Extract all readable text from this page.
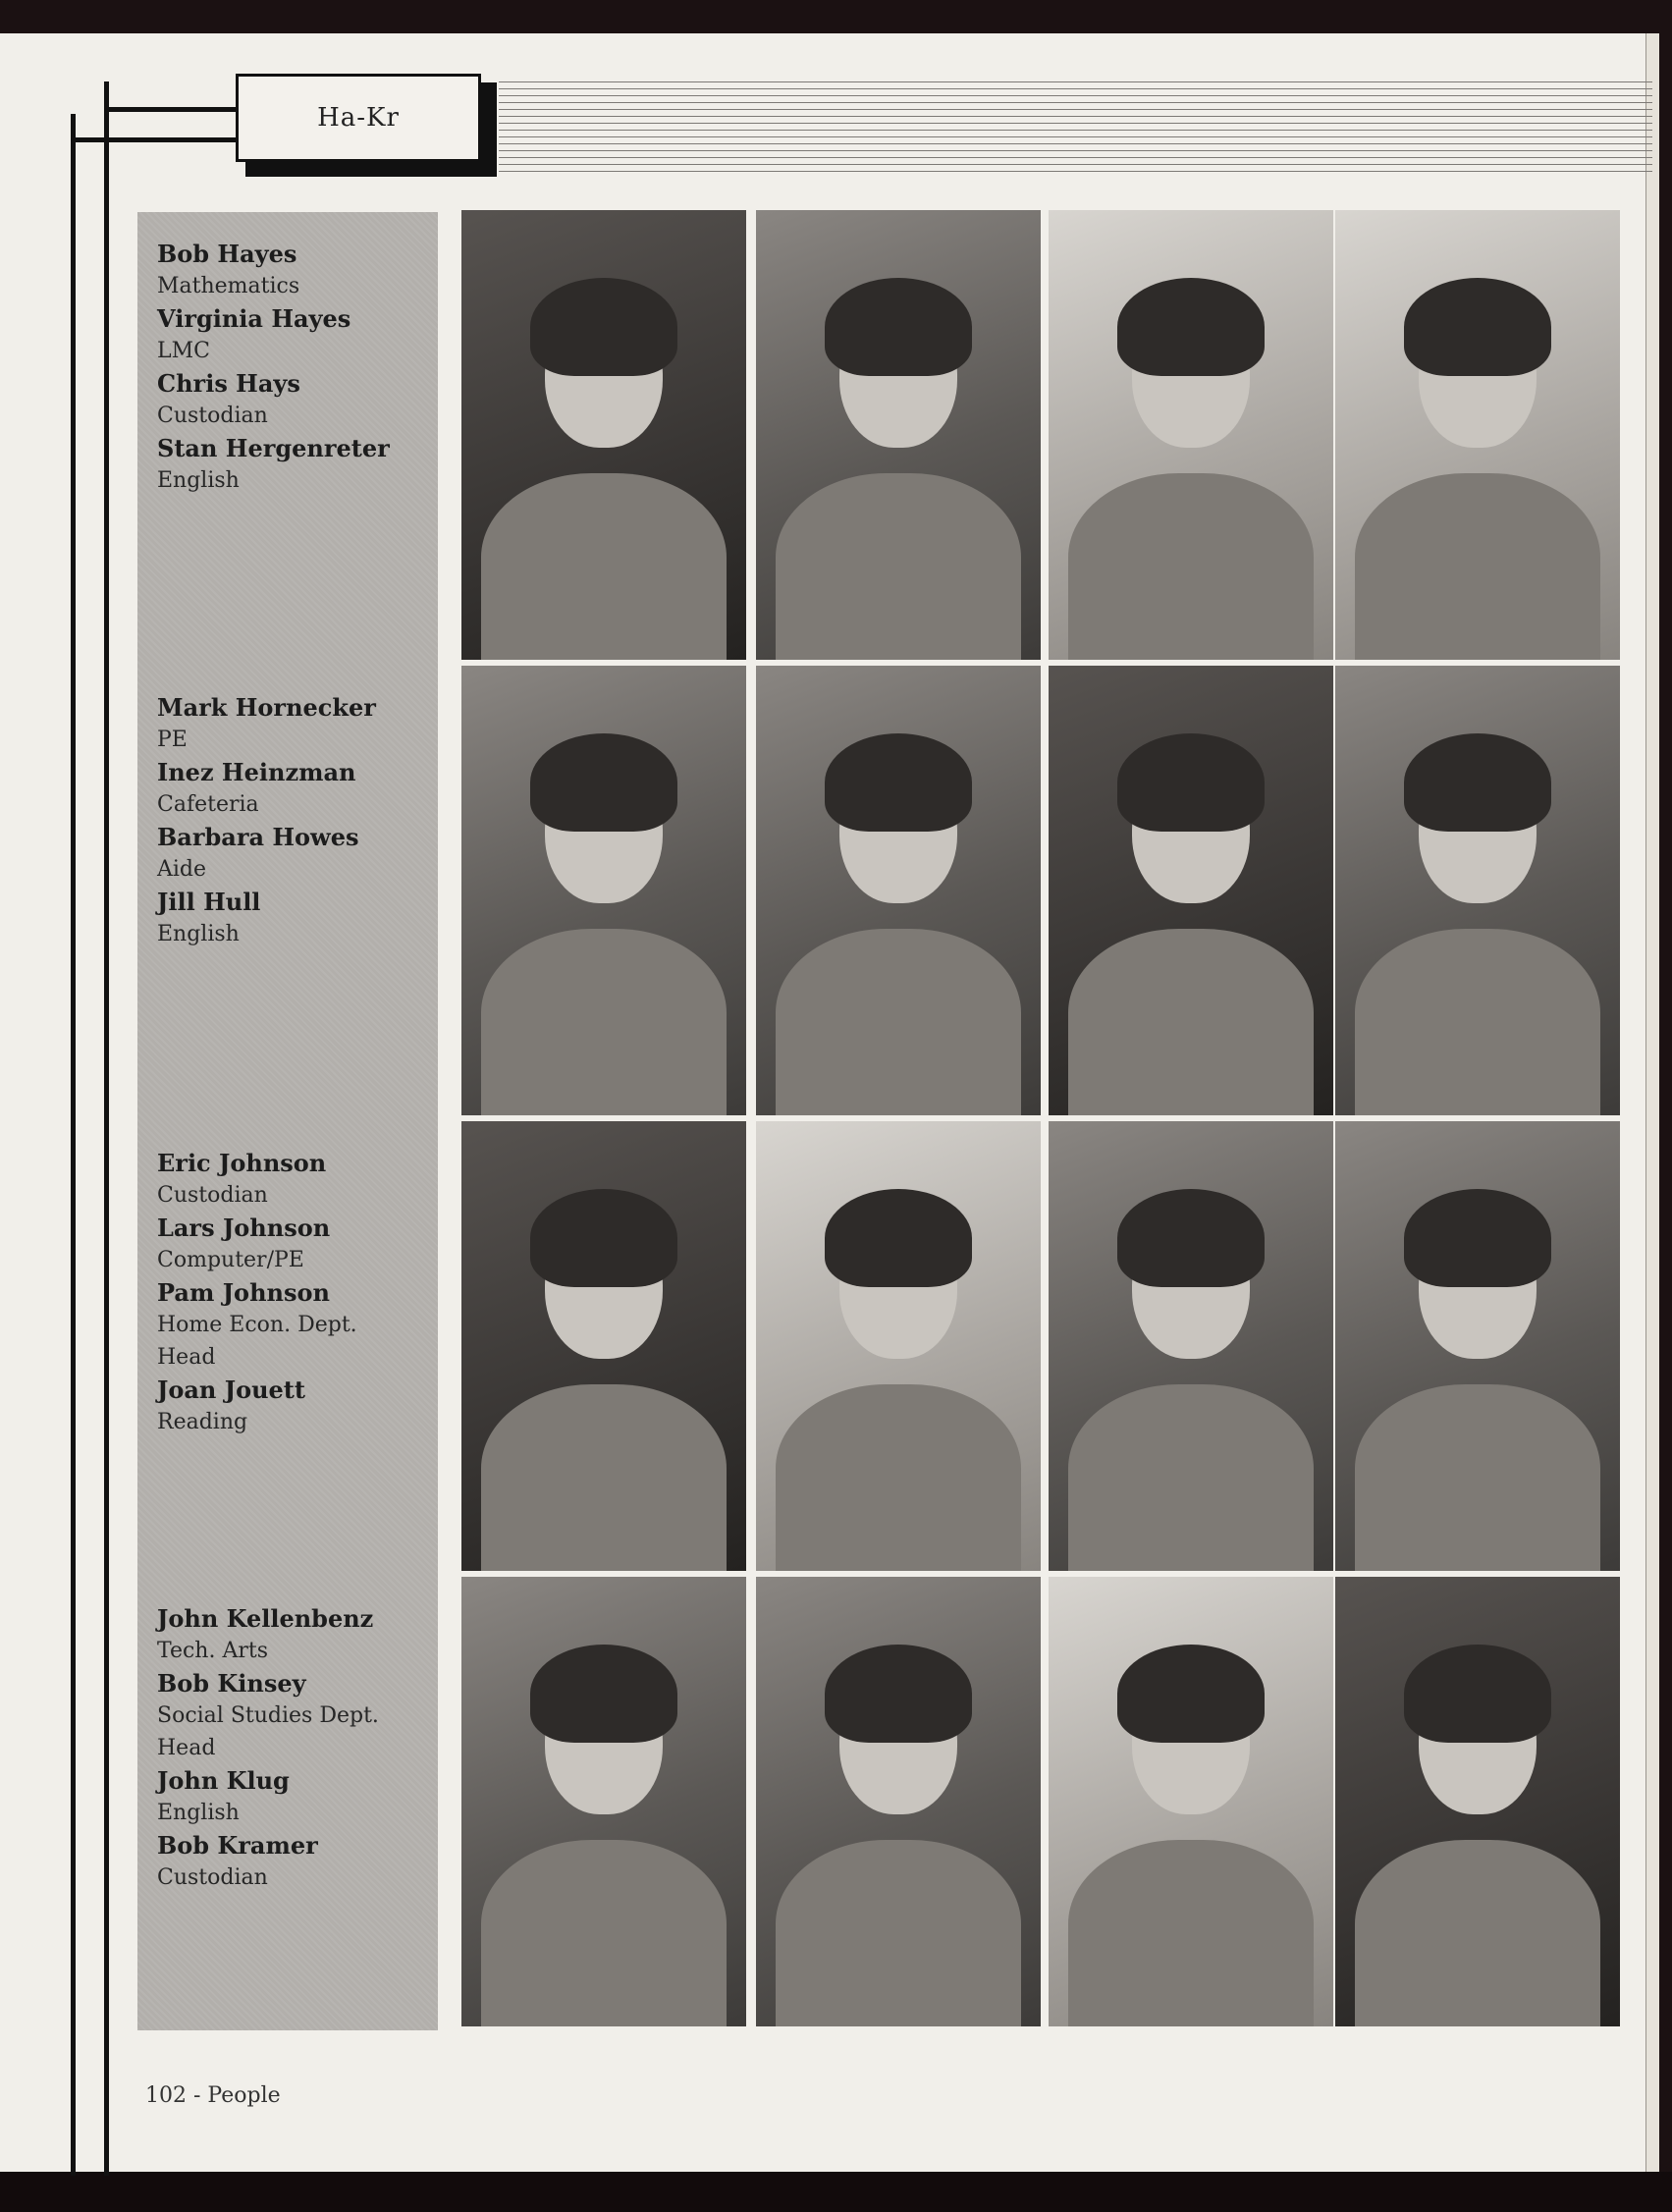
Ha-Kr
Bob Hayes
Mathematics
Virginia Hayes
LMC
Chris Hays
Custodian
Stan Hergenreter
English
Mark Hornecker
PE
Inez Heinzman
Cafeteria
Barbara Howes
Aide
Jill Hull
English
Eric Johnson
Custodian
Lars Johnson
Computer/PE
Pam Johnson
Home Econ. Dept.
Head
Joan Jouett
Reading
John Kellenbenz
Tech. Arts
Bob Kinsey
Social Studies Dept.
Head
John Klug
English
Bob Kramer
Custodian
102 - People
